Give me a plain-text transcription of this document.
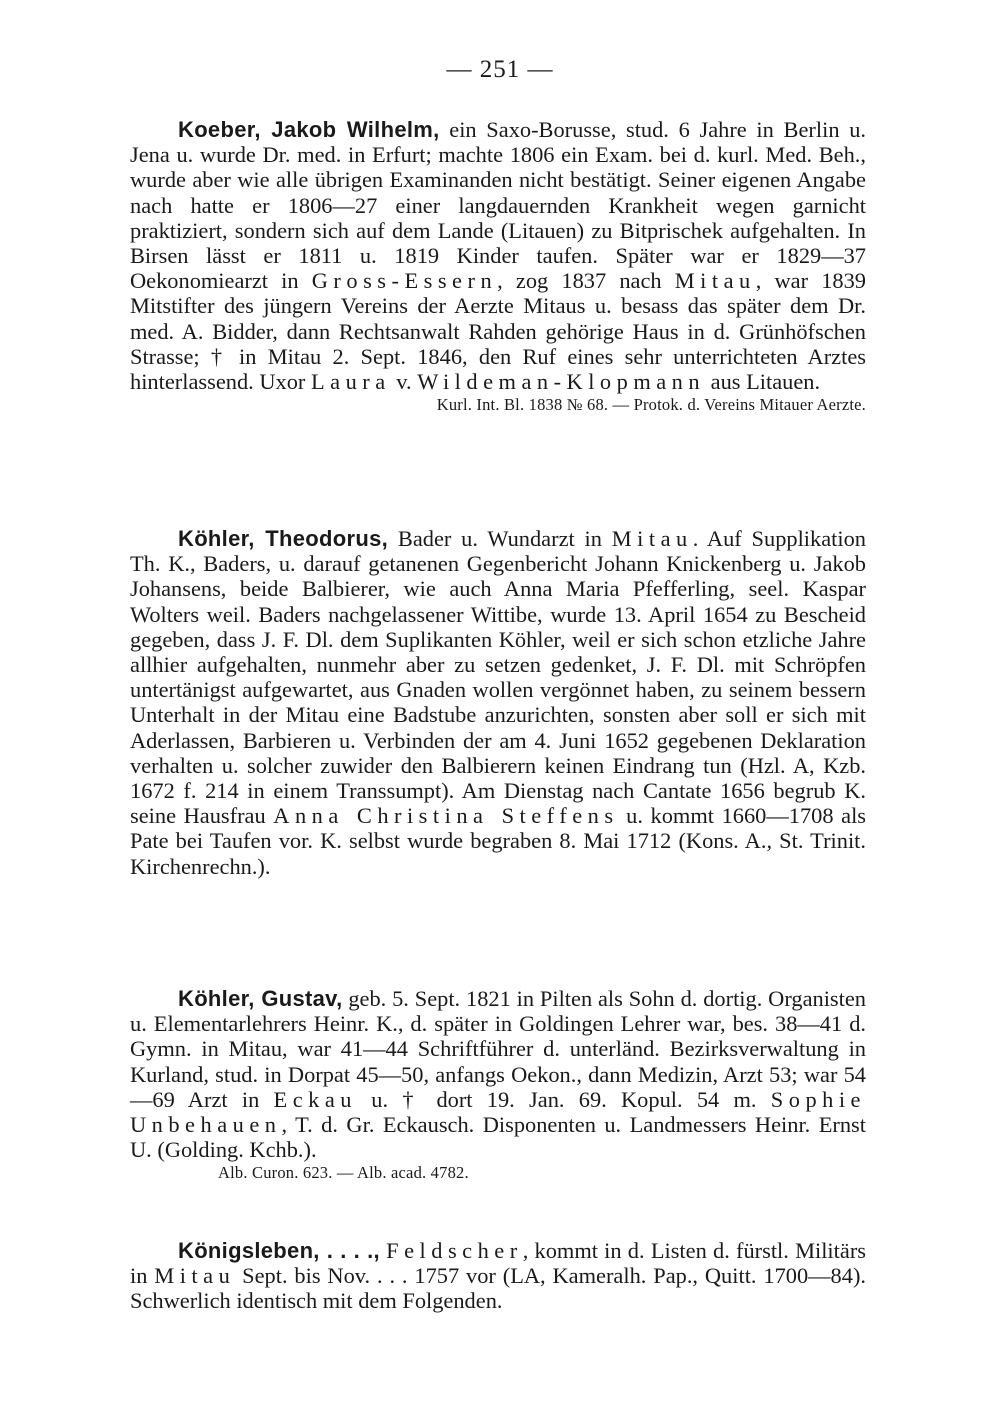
— 251 —

Koeber, Jakob Wilhelm, ein Saxo-Borusse, stud. 6 Jahre in Berlin u. Jena u. wurde Dr. med. in Erfurt; machte 1806 ein Exam. bei d. kurl. Med. Beh., wurde aber wie alle übrigen Examinanden nicht bestätigt. Seiner eigenen Angabe nach hatte er 1806—27 einer langdauernden Krankheit wegen garnicht praktiziert, sondern sich auf dem Lande (Litauen) zu Bitprischek aufgehalten. In Birsen lässt er 1811 u. 1819 Kinder taufen. Später war er 1829—37 Oekonomiearzt in Gross-Essern, zog 1837 nach Mitau, war 1839 Mitstifter des jüngern Vereins der Aerzte Mitaus u. besass das später dem Dr. med. A. Bidder, dann Rechtsanwalt Rahden gehörige Haus in d. Grünhöfschen Strasse; † in Mitau 2. Sept. 1846, den Ruf eines sehr unterrichteten Arztes hinterlassend. Uxor Laura v. Wildeman-Klopmann aus Litauen.

Kurl. Int. Bl. 1838 № 68. — Protok. d. Vereins Mitauer Aerzte.

Köhler, Theodorus, Bader u. Wundarzt in Mitau. Auf Supplikation Th. K., Baders, u. darauf getanenen Gegenbericht Johann Knickenberg u. Jakob Johansens, beide Balbierer, wie auch Anna Maria Pfefferling, seel. Kaspar Wolters weil. Baders nachgelassener Wittibe, wurde 13. April 1654 zu Bescheid gegeben, dass J. F. Dl. dem Suplikanten Köhler, weil er sich schon etzliche Jahre allhier aufgehalten, nunmehr aber zu setzen gedenket, J. F. Dl. mit Schröpfen untertänigst aufgewartet, aus Gnaden wollen vergönnet haben, zu seinem bessern Unterhalt in der Mitau eine Badstube anzurichten, sonsten aber soll er sich mit Aderlassen, Barbieren u. Verbinden der am 4. Juni 1652 gegebenen Deklaration verhalten u. solcher zuwider den Balbierern keinen Eindrang tun (Hzl. A, Kzb. 1672 f. 214 in einem Transsumpt). Am Dienstag nach Cantate 1656 begrub K. seine Hausfrau Anna Christina Steffens u. kommt 1660—1708 als Pate bei Taufen vor. K. selbst wurde begraben 8. Mai 1712 (Kons. A., St. Trinit. Kirchenrechn.).

Köhler, Gustav, geb. 5. Sept. 1821 in Pilten als Sohn d. dortig. Organisten u. Elementarlehrers Heinr. K., d. später in Goldingen Lehrer war, bes. 38—41 d. Gymn. in Mitau, war 41—44 Schriftführer d. unterländ. Bezirksverwaltung in Kurland, stud. in Dorpat 45—50, anfangs Oekon., dann Medizin, Arzt 53; war 54—69 Arzt in Eckau u. † dort 19. Jan. 69. Kopul. 54 m. Sophie Unbehauen, T. d. Gr. Eckausch. Disponenten u. Landmessers Heinr. Ernst U. (Golding. Kchb.).

Alb. Curon. 623. — Alb. acad. 4782.

Königsleben, . . . ., Feldscher, kommt in d. Listen d. fürstl. Militärs in Mitau Sept. bis Nov. . . . 1757 vor (LA, Kameralh. Pap., Quitt. 1700—84). Schwerlich identisch mit dem Folgenden.
